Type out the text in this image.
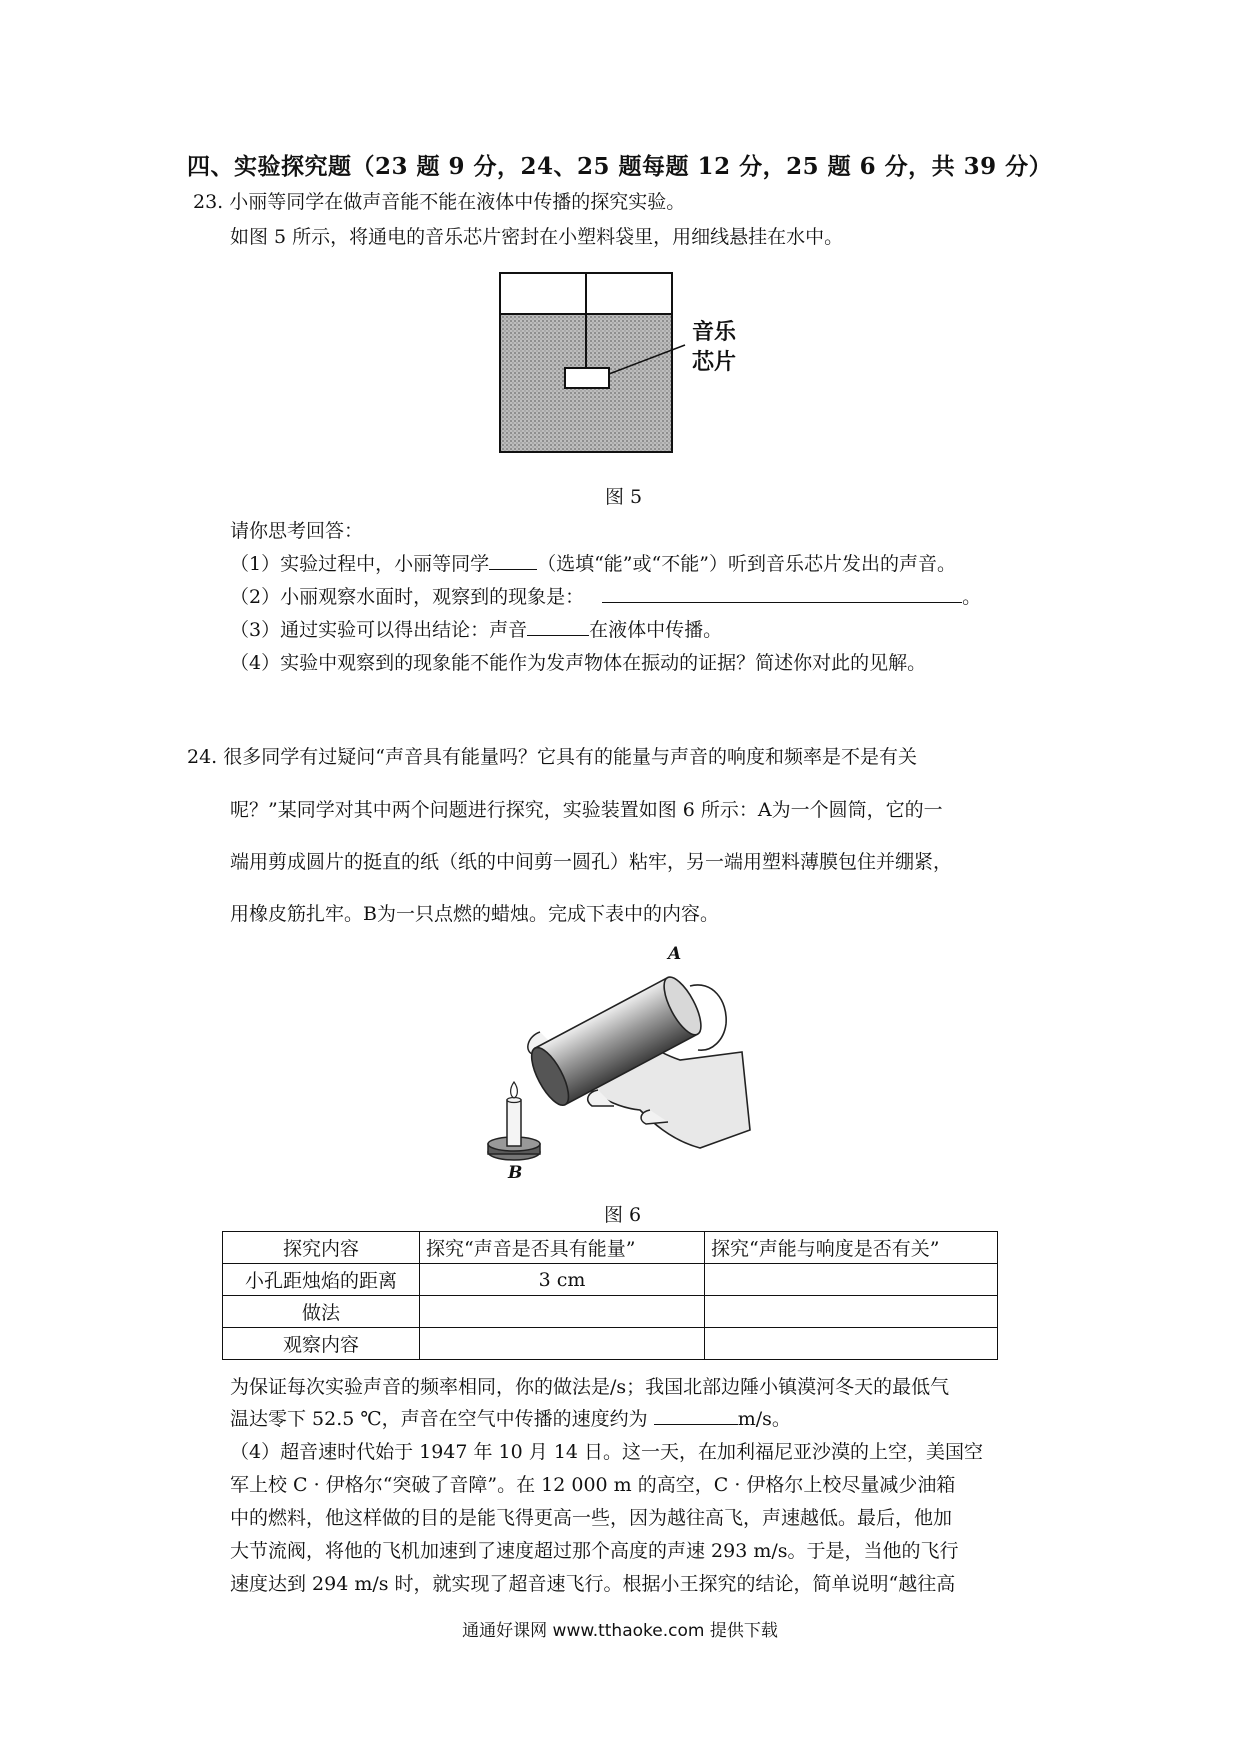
四、实验探究题（23 题 9 分，24、25 题每题 12 分，25 题 6 分，共 39 分）
23. 小丽等同学在做声音能不能在液体中传播的探究实验。
如图 5 所示，将通电的音乐芯片密封在小塑料袋里，用细线悬挂在水中。
音乐
芯片
图 5
请你思考回答：
（1）实验过程中，小丽等同学	（选填“能”或“不能”）听到音乐芯片发出的声音。
（2）小丽观察水面时，观察到的现象是：	。
（3）通过实验可以得出结论：声音	在液体中传播。
（4）实验中观察到的现象能不能作为发声物体在振动的证据？简述你对此的见解。
24. 很多同学有过疑问“声音具有能量吗？它具有的能量与声音的响度和频率是不是有关
呢？”某同学对其中两个问题进行探究，实验装置如图 6 所示：A为一个圆筒，它的一
端用剪成圆片的挺直的纸（纸的中间剪一圆孔）粘牢，另一端用塑料薄膜包住并绷紧，
用橡皮筋扎牢。B为一只点燃的蜡烛。完成下表中的内容。
A
B
图 6
探究内容	探究“声音是否具有能量”	探究“声能与响度是否有关”
小孔距烛焰的距离	3 cm	
做法		
观察内容		
为保证每次实验声音的频率相同，你的做法是/s；我国北部边陲小镇漠河冬天的最低气
温达零下 52.5 ℃，声音在空气中传播的速度约为	m/s。
（4）超音速时代始于 1947 年 10 月 14 日。这一天，在加利福尼亚沙漠的上空，美国空
军上校 C · 伊格尔“突破了音障”。在 12 000 m 的高空，C · 伊格尔上校尽量减少油箱
中的燃料，他这样做的目的是能飞得更高一些，因为越往高飞，声速越低。最后，他加
大节流阀，将他的飞机加速到了速度超过那个高度的声速 293 m/s。于是，当他的飞行
速度达到 294 m/s 时，就实现了超音速飞行。根据小王探究的结论，简单说明“越往高
通通好课网 www.tthaoke.com 提供下载
